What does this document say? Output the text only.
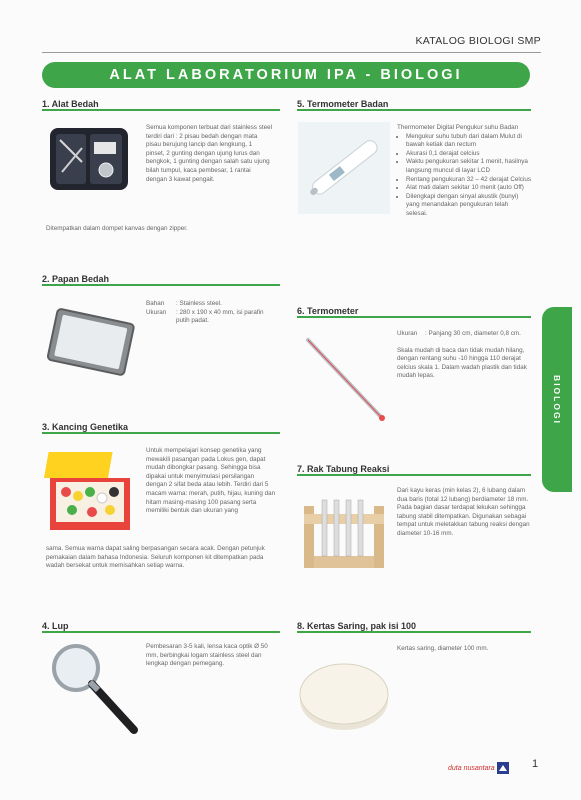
KATALOG BIOLOGI SMP
ALAT LABORATORIUM IPA - BIOLOGI
1. Alat Bedah
Semua komponen terbuat dari stainless steel terdiri dari : 2 pisau bedah dengan mata pisau berujung lancip dan lengkung, 1 pinset, 2 gunting dengan ujung lurus dan bengkok, 1 gunting dengan salah satu ujung bilah tumpul, kaca pembesar, 1 rantai dengan 3 kawat pengait.
Ditempatkan dalam dompet kanvas dengan zipper.
2. Papan Bedah
Bahan	: Stainless steel.
Ukuran	: 280 x 190 x 40 mm, isi parafin putih padat.
3. Kancing Genetika
Untuk mempelajari konsep genetika yang mewakili pasangan pada Lokus gen, dapat mudah dibongkar pasang. Sehingga bisa dipakai untuk menyimulasi persilangan dengan 2 sifat beda atau lebih. Terdiri dari 5 macam warna: merah, putih, hijau, kuning dan hitam masing-masing 100 pasang serta memiliki bentuk dan ukuran yang
sama. Semua warna dapat saling berpasangan secara acak. Dengan petunjuk pemakaian dalam bahasa Indonesia. Seluruh komponen kit ditempatkan pada wadah bersekat untuk memisahkan setiap warna.
4. Lup
Pembesaran 3-5 kali, lensa kaca optik Ø 50 mm, berbingkai logam stainless steel dan lengkap dengan pemegang.
5. Termometer Badan
Thermometer Digital Pengukur suhu Badan
• Mengukur suhu tubuh dari dalam Mulut di bawah ketiak dan rectum
• Akurasi 0,1 derajat celcius
• Waktu pengukuran sekitar 1 menit, hasilnya langsung muncul di layar LCD
• Rentang pengukuran 32 – 42 derajat Celcius
• Alat mati dalam sekitar 10 menit (auto Off)
• Dilengkapi dengan sinyal akustik (bunyi) yang menandakan pengukuran telah selesai.
6. Termometer
Ukuran	: Panjang 30 cm, diameter 0,8 cm.
Skala mudah di baca dan tidak mudah hilang, dengan rentang suhu -10 hingga 110 derajat celcius skala 1. Dalam wadah plastik dan tidak mudah lepas.
7. Rak Tabung Reaksi
Dari kayu keras (min kelas 2), 6 lubang dalam dua baris (total 12 lubang) berdiameter 18 mm. Pada bagian dasar terdapat lekukan sehingga tabung stabil ditempatkan. Digunakan sebagai tempat untuk meletakkan tabung reaksi dengan diameter 10-16 mm.
8. Kertas Saring, pak isi 100
Kertas saring, diameter 100 mm.
BIOLOGI
duta nusantara	1
